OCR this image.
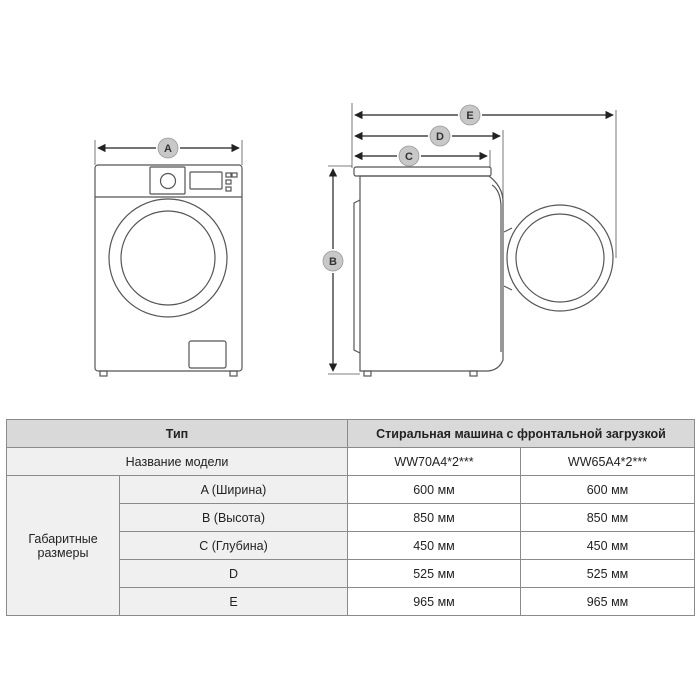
A
E
D
C
B
Тип		Стиральная машина с фронтальной загрузкой	
Название модели		WW70A4*2***	WW65A4*2***
Габаритные размеры	A (Ширина)	600 мм	600 мм
	B (Высота)	850 мм	850 мм
	C (Глубина)	450 мм	450 мм
	D	525 мм	525 мм
	E	965 мм	965 мм
